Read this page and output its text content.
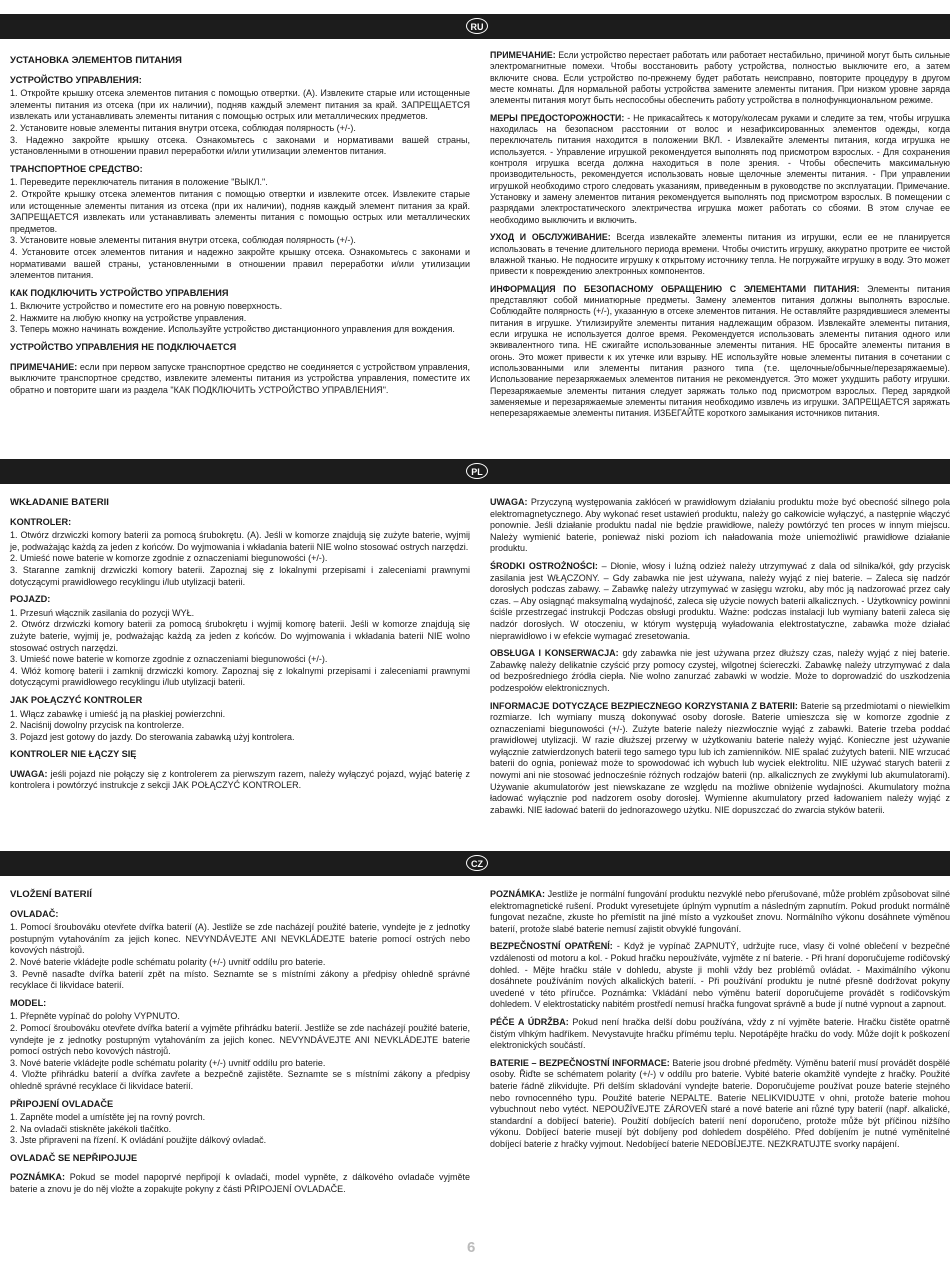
RU
УСТАНОВКА ЭЛЕМЕНТОВ ПИТАНИЯ
УСТРОЙСТВО УПРАВЛЕНИЯ:

1. Откройте крышку отсека элементов питания с помощью отвертки. (A). Извлеките старые или истощенные элементы питания из отсека (при их наличии), подняв каждый элемент питания за край. ЗАПРЕЩАЕТСЯ извлекать или устанавливать элементы питания с помощью острых или металлических предметов.

2. Установите новые элементы питания внутри отсека, соблюдая полярность (+/-).

3. Надежно закройте крышку отсека. Ознакомьтесь с законами и нормативами вашей страны, установленными в отношении правил переработки и/или утилизации элементов питания.

ТРАНСПОРТНОЕ СРЕДСТВО:

1. Переведите переключатель питания в положение "ВЫКЛ.".

2. Откройте крышку отсека элементов питания с помощью отвертки и извлеките отсек. Извлеките старые или истощенные элементы питания из отсека (при их наличии), подняв каждый элемент питания за край. ЗАПРЕЩАЕТСЯ извлекать или устанавливать элементы питания с помощью острых или металлических предметов.

3. Установите новые элементы питания внутри отсека, соблюдая полярность (+/-).

4. Установите отсек элементов питания и надежно закройте крышку отсека. Ознакомьтесь с законами и нормативами вашей страны, установленными в отношении правил переработки и/или утилизации элементов питания.

КАК ПОДКЛЮЧИТЬ УСТРОЙСТВО УПРАВЛЕНИЯ

1. Включите устройство и поместите его на ровную поверхность.

2. Нажмите на любую кнопку на устройстве управления.

3. Теперь можно начинать вождение. Используйте устройство дистанционного управления для вождения.

УСТРОЙСТВО УПРАВЛЕНИЯ НЕ ПОДКЛЮЧАЕТСЯ

ПРИМЕЧАНИЕ: если при первом запуске транспортное средство не соединяется с устройством управления, выключите транспортное средство, извлеките элементы питания из устройства управления, поместите их обратно и повторите шаги из раздела "КАК ПОДКЛЮЧИТЬ УСТРОЙСТВО УПРАВЛЕНИЯ".

ПРИМЕЧАНИЕ: Если устройство перестает работать или работает нестабильно, причиной могут быть сильные электромагнитные помехи. Чтобы восстановить работу устройства, полностью выключите его, а затем включите снова. Если устройство по-прежнему будет работать неисправно, повторите процедуру в другом месте комнаты. Для нормальной работы устройства замените элементы питания. При низком уровне заряда элементы питания могут быть неспособны обеспечить работу устройства в полнофункциональном режиме.

МЕРЫ ПРЕДОСТОРОЖНОСТИ: - Не прикасайтесь к мотору/колесам руками и следите за тем, чтобы игрушка находилась на безопасном расстоянии от волос и незафиксированных элементов одежды, когда переключатель питания находится в положении ВКЛ. - Извлекайте элементы питания, когда игрушка не используется. - Управление игрушкой рекомендуется выполнять под присмотром взрослых. - Для сохранения контроля игрушка всегда должна находиться в поле зрения. - Чтобы обеспечить максимальную производительность, рекомендуется использовать новые щелочные элементы питания. - При управлении игрушкой необходимо строго следовать указаниям, приведенным в руководстве по эксплуатации. Примечание. Установку и замену элементов питания рекомендуется выполнять под присмотром взрослых. В помещении с разрядами электростатического электричества игрушка может работать со сбоями. В этом случае ее необходимо выключить и включить.

УХОД И ОБСЛУЖИВАНИЕ: Всегда извлекайте элементы питания из игрушки, если ее не планируется использовать в течение длительного периода времени. Чтобы очистить игрушку, аккуратно протрите ее чистой влажной тканью. Не подносите игрушку к открытому источнику тепла. Не погружайте игрушку в воду. Это может привести к повреждению электронных компонентов.

ИНФОРМАЦИЯ ПО БЕЗОПАСНОМУ ОБРАЩЕНИЮ С ЭЛЕМЕНТАМИ ПИТАНИЯ: Элементы питания представляют собой миниатюрные предметы. Замену элементов питания должны выполнять взрослые. Соблюдайте полярность (+/-), указанную в отсеке элементов питания. Не оставляйте разрядившиеся элементы питания в игрушке. Утилизируйте элементы питания надлежащим образом. Извлекайте элементы питания, если игрушка не используется долгое время. Рекомендуется использовать элементы питания одного или эквивалентного типа. НЕ сжигайте использованные элементы питания. НЕ бросайте элементы питания в огонь. Это может привести к их утечке или взрыву. НЕ используйте новые элементы питания в сочетании с использованными или элементы питания разного типа (т.е. щелочные/обычные/перезаряжаемые). Использование перезаряжаемых элементов питания не рекомендуется. Это может ухудшить работу игрушки. Перезаряжаемые элементы питания следует заряжать только под присмотром взрослых. Перед зарядкой заменяемые и перезаряжаемые элементы питания необходимо извлечь из игрушки. ЗАПРЕЩАЕТСЯ заряжать неперезаряжаемые элементы питания. ИЗБЕГАЙТЕ короткого замыкания источников питания.

PL
WKŁADANIE BATERII
KONTROLER:

1. Otwórz drzwiczki komory baterii za pomocą śrubokrętu. (A). Jeśli w komorze znajdują się zużyte baterie, wyjmij je, podważając każdą za jeden z końców. Do wyjmowania i wkładania baterii NIE wolno stosować ostrych narzędzi.

2. Umieść nowe baterie w komorze zgodnie z oznaczeniami biegunowości (+/-).

3. Staranne zamknij drzwiczki komory baterii. Zapoznaj się z lokalnymi przepisami i zaleceniami prawnymi dotyczącymi prawidłowego recyklingu i/lub utylizacji baterii.

POJAZD:

1. Przesuń włącznik zasilania do pozycji WYŁ.

2. Otwórz drzwiczki komory baterii za pomocą śrubokrętu i wyjmij komorę baterii. Jeśli w komorze znajdują się zużyte baterie, wyjmij je, podważając każdą za jeden z końców. Do wyjmowania i wkładania baterii NIE wolno stosować ostrych narzędzi.

3. Umieść nowe baterie w komorze zgodnie z oznaczeniami biegunowości (+/-).

4. Włóż komorę baterii i zamknij drzwiczki komory. Zapoznaj się z lokalnymi przepisami i zaleceniami prawnymi dotyczącymi prawidłowego recyklingu i/lub utylizacji baterii.

JAK POŁĄCZYĆ KONTROLER

1. Włącz zabawkę i umieść ją na płaskiej powierzchni.

2. Naciśnij dowolny przycisk na kontrolerze.

3. Pojazd jest gotowy do jazdy. Do sterowania zabawką użyj kontrolera.

KONTROLER NIE ŁĄCZY SIĘ

UWAGA: jeśli pojazd nie połączy się z kontrolerem za pierwszym razem, należy wyłączyć pojazd, wyjąć baterię z kontrolera i powtórzyć instrukcje z sekcji JAK POŁĄCZYĆ KONTROLER.

UWAGA: Przyczyną występowania zakłóceń w prawidłowym działaniu produktu może być obecność silnego pola elektromagnetycznego. Aby wykonać reset ustawień produktu, należy go całkowicie wyłączyć, a następnie włączyć ponownie. Jeśli działanie produktu nadal nie będzie prawidłowe, należy powtórzyć ten proces w innym miejscu. Należy wymienić baterie, ponieważ niski poziom ich naładowania może uniemożliwić prawidłowe działanie produktu.

ŚRODKI OSTROŻNOŚCI: – Dłonie, włosy i luźną odzież należy utrzymywać z dala od silnika/kół, gdy przycisk zasilania jest WŁĄCZONY. – Gdy zabawka nie jest używana, należy wyjąć z niej baterie. – Zaleca się nadzór dorosłych podczas zabawy. – Zabawkę należy utrzymywać w zasięgu wzroku, aby móc ją nadzorować przez cały czas. – Aby osiągnąć maksymalną wydajność, zaleca się użycie nowych baterii alkalicznych. - Użytkownicy powinni ściśle przestrzegać instrukcji Podczas obsługi produktu. Ważne: podczas instalacji lub wymiany baterii zaleca się nadzór dorosłych. W otoczeniu, w którym występują wyładowania elektrostatyczne, zabawka może działać nieprawidłowo i w efekcie wymagać zresetowania.

OBSŁUGA I KONSERWACJA: gdy zabawka nie jest używana przez dłuższy czas, należy wyjąć z niej baterie. Zabawkę należy delikatnie czyścić przy pomocy czystej, wilgotnej ściereczki. Zabawkę należy utrzymywać z dala od bezpośredniego źródła ciepła. Nie wolno zanurzać zabawki w wodzie. Może to doprowadzić do uszkodzenia podzespołów elektronicznych.

INFORMACJE DOTYCZĄCE BEZPIECZNEGO KORZYSTANIA Z BATERII: Baterie są przedmiotami o niewielkim rozmiarze. Ich wymiany muszą dokonywać osoby dorosłe. Baterie umieszcza się w komorze zgodnie z oznaczeniami biegunowości (+/-). Zużyte baterie należy niezwłocznie wyjąć z zabawki. Baterie trzeba poddać prawidłowej utylizacji. W razie dłuższej przerwy w użytkowaniu baterie należy wyjąć. Konieczne jest używanie wyłącznie zatwierdzonych baterii tego samego typu lub ich zamienników. NIE spalać zużytych baterii. NIE wrzucać baterii do ognia, ponieważ może to spowodować ich wybuch lub wyciek elektrolitu. NIE używać starych baterii z nowymi ani nie stosować jednocześnie różnych rodzajów baterii (np. alkalicznych ze zwykłymi lub akumulatorami). Używanie akumulatorów jest niewskazane ze względu na możliwe obniżenie wydajności. Akumulatory można ładować wyłącznie pod nadzorem osoby dorosłej. Wymienne akumulatory przed ładowaniem należy wyjąć z zabawki. NIE ładować baterii do jednorazowego użytku. NIE dopuszczać do zwarcia styków baterii.

CZ
VLOŽENÍ BATERIÍ
OVLADAČ:

1. Pomocí šroubováku otevřete dvířka baterií (A). Jestliže se zde nacházejí použité baterie, vyndejte je z jednotky postupným vytahováním za jejich konec. NEVYNDÁVEJTE ANI NEVKLÁDEJTE baterie pomocí ostrých nebo kovových nástrojů.

2. Nové baterie vkládejte podle schématu polarity (+/-) uvnitř oddílu pro baterie.

3. Pevně nasaďte dvířka baterií zpět na místo. Seznamte se s místními zákony a předpisy ohledně správné recyklace či likvidace baterií.

MODEL:

1. Přepněte vypínač do polohy VYPNUTO.

2. Pomocí šroubováku otevřete dvířka baterií a vyjměte přihrádku baterií. Jestliže se zde nacházejí použité baterie, vyndejte je z jednotky postupným vytahováním za jejich konec. NEVYNDÁVEJTE ANI NEVKLÁDEJTE baterie pomocí ostrých nebo kovových nástrojů.

3. Nové baterie vkládejte podle schématu polarity (+/-) uvnitř oddílu pro baterie.

4. Vložte přihrádku baterií a dvířka zavřete a bezpečně zajistěte. Seznamte se s místními zákony a předpisy ohledně správné recyklace či likvidace baterií.

PŘIPOJENÍ OVLADAČE

1. Zapněte model a umístěte jej na rovný povrch.

2. Na ovladači stiskněte jakékoli tlačítko.

3. Jste připraveni na řízení. K ovládání použijte dálkový ovladač.

OVLADAČ SE NEPŘIPOJUJE

POZNÁMKA: Pokud se model napoprvé nepřipojí k ovladači, model vypněte, z dálkového ovladače vyjměte baterie a znovu je do něj vložte a zopakujte pokyny z části PŘIPOJENÍ OVLADAČE.

POZNÁMKA: Jestliže je normální fungování produktu nezvyklé nebo přerušované, může problém způsobovat silné elektromagnetické rušení. Produkt vyresetujete úplným vypnutím a následným zapnutím. Pokud produkt normálně fungovat nezačne, zkuste ho přemístit na jiné místo a vyzkoušet znovu. Normálního výkonu dosáhnete výměnou baterií, protože slabé baterie nemusí zajistit obvyklé fungování.

BEZPEČNOSTNÍ OPATŘENÍ: - Když je vypínač ZAPNUTÝ, udržujte ruce, vlasy či volné oblečení v bezpečné vzdálenosti od motoru a kol. - Pokud hračku nepoužíváte, vyjměte z ní baterie. - Při hraní doporučujeme rodičovský dohled. - Mějte hračku stále v dohledu, abyste ji mohli vždy bez problémů ovládat. - Maximálního výkonu dosáhnete používáním nových alkalických baterií. - Při používání produktu je nutné přesně dodržovat pokyny uvedené v této příručce. Poznámka: Vkládání nebo výměnu baterií doporučujeme provádět s rodičovským dohledem. V elektrostaticky nabitém prostředí nemusí hračka fungovat správně a bude jí nutné vypnout a zapnout.

PÉČE A ÚDRŽBA: Pokud není hračka delší dobu používána, vždy z ní vyjměte baterie. Hračku čistěte opatrně čistým vlhkým hadříkem. Nevystavujte hračku přímému teplu. Nepotápějte hračku do vody. Může dojít k poškození elektronických součástí.

BATERIE – BEZPEČNOSTNÍ INFORMACE: Baterie jsou drobné předměty. Výměnu baterií musí provádět dospělé osoby. Řiďte se schématem polarity (+/-) v oddílu pro baterie. Vybité baterie okamžitě vyndejte z hračky. Použité baterie řádně zlikvidujte. Při delším skladování vyndejte baterie. Doporučujeme používat pouze baterie stejného nebo rovnocenného typu. Použité baterie NEPALTE. Baterie NELIKVIDUJTE v ohni, protože baterie mohou vybuchnout nebo vytéct. NEPOUŽÍVEJTE ZÁROVEŇ staré a nové baterie ani různé typy baterií (např. alkalické, standardní a dobíjecí baterie). Použití dobíjecích baterií není doporučeno, protože může být příčinou nižšího výkonu. Dobíjecí baterie musejí být dobíjeny pod dohledem dospělého. Před dobíjením je nutné vyměnitelné dobíjecí baterie z hračky vyjmout. Nedobíjecí baterie NEDOBÍJEJTE. NEZKRATUJTE svorky napájení.

6
